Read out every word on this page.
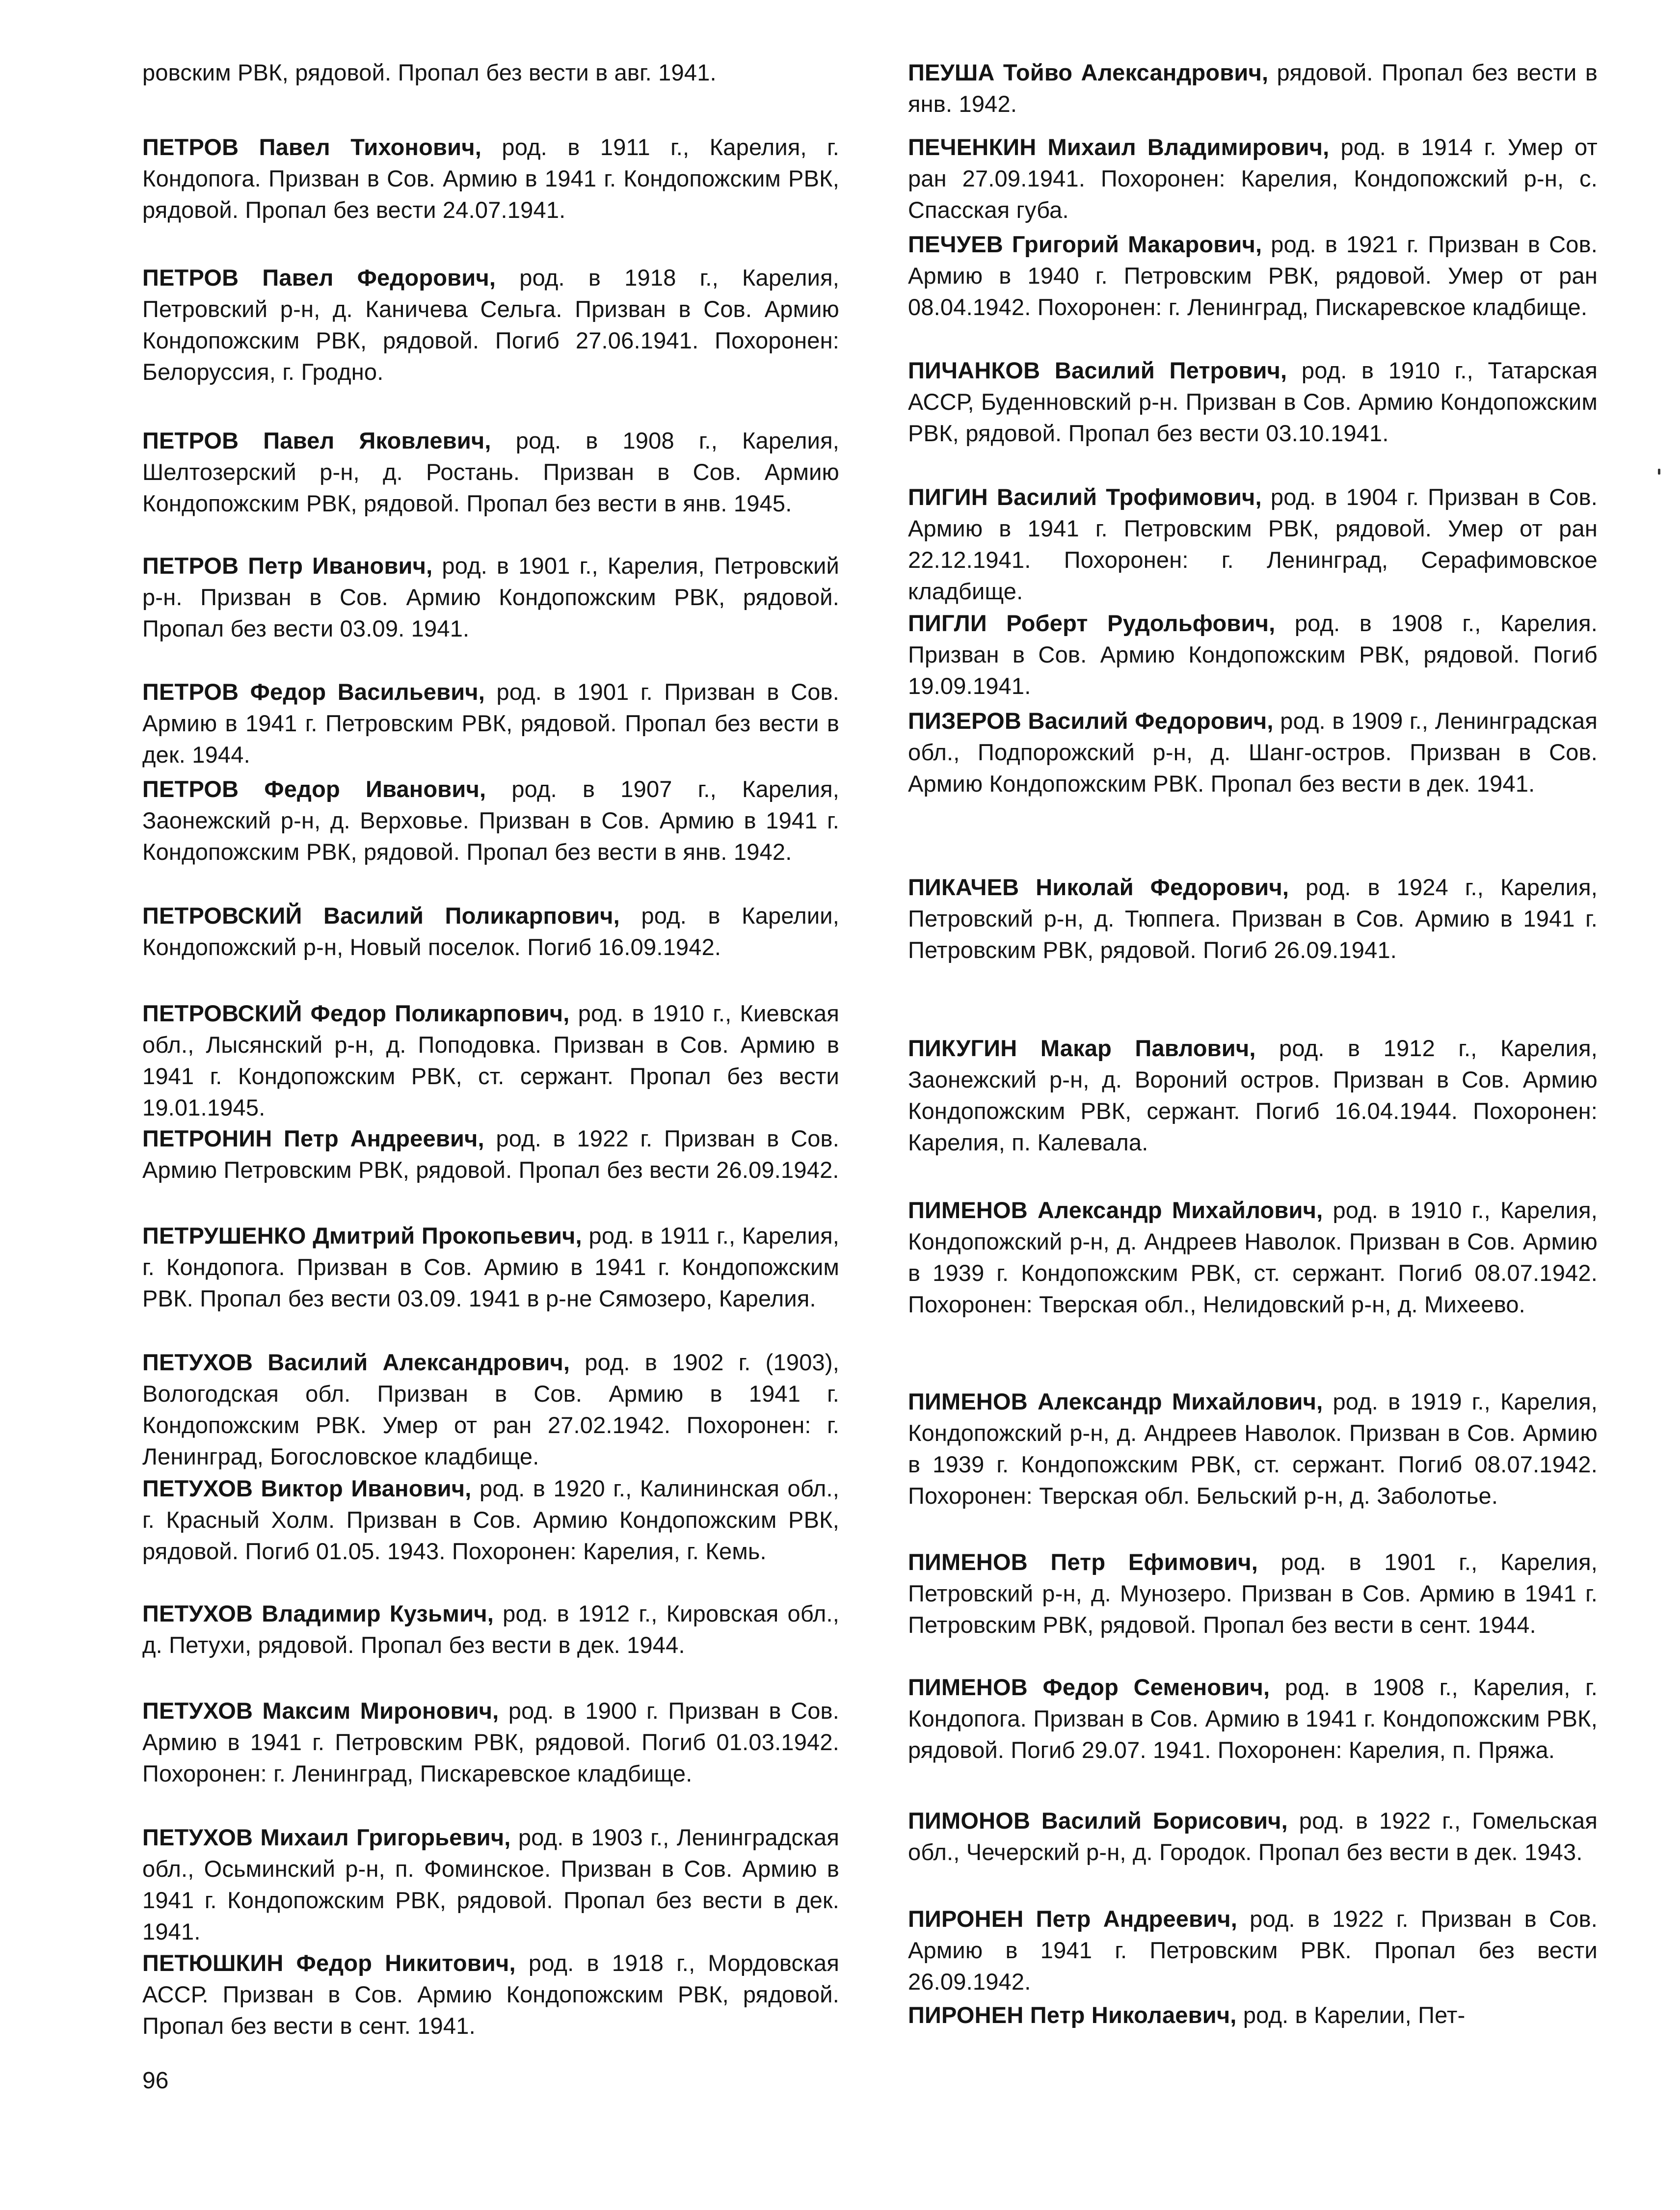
ровским РВК, рядовой. Пропал без вести в авг. 1941.

ПЕТРОВ Павел Тихонович, род. в 1911 г., Карелия, г. Кондопога. Призван в Сов. Армию в 1941 г. Кондопожским РВК, рядовой. Пропал без вести 24.07.1941.

ПЕТРОВ Павел Федорович, род. в 1918 г., Карелия, Петровский р-н, д. Каничева Сельга. Призван в Сов. Армию Кондопожским РВК, рядовой. Погиб 27.06.1941. Похоронен: Белоруссия, г. Гродно.

ПЕТРОВ Павел Яковлевич, род. в 1908 г., Карелия, Шелтозерский р-н, д. Ростань. Призван в Сов. Армию Кондопожским РВК, рядовой. Пропал без вести в янв. 1945.

ПЕТРОВ Петр Иванович, род. в 1901 г., Карелия, Петровский р-н. Призван в Сов. Армию Кондопожским РВК, рядовой. Пропал без вести 03.09. 1941.

ПЕТРОВ Федор Васильевич, род. в 1901 г. Призван в Сов. Армию в 1941 г. Петровским РВК, рядовой. Пропал без вести в дек. 1944.

ПЕТРОВ Федор Иванович, род. в 1907 г., Карелия, Заонежский р-н, д. Верховье. Призван в Сов. Армию в 1941 г. Кондопожским РВК, рядовой. Пропал без вести в янв. 1942.

ПЕТРОВСКИЙ Василий Поликарпович, род. в Карелии, Кондопожский р-н, Новый поселок. Погиб 16.09.1942.

ПЕТРОВСКИЙ Федор Поликарпович, род. в 1910 г., Киевская обл., Лысянский р-н, д. Поподовка. Призван в Сов. Армию в 1941 г. Кондопожским РВК, ст. сержант. Пропал без вести 19.01.1945.

ПЕТРОНИН Петр Андреевич, род. в 1922 г. Призван в Сов. Армию Петровским РВК, рядовой. Пропал без вести 26.09.1942.

ПЕТРУШЕНКО Дмитрий Прокопьевич, род. в 1911 г., Карелия, г. Кондопога. Призван в Сов. Армию в 1941 г. Кондопожским РВК. Пропал без вести 03.09. 1941 в р-не Сямозеро, Карелия.

ПЕТУХОВ Василий Александрович, род. в 1902 г. (1903), Вологодская обл. Призван в Сов. Армию в 1941 г. Кондопожским РВК. Умер от ран 27.02.1942. Похоронен: г. Ленинград, Богословское кладбище.

ПЕТУХОВ Виктор Иванович, род. в 1920 г., Калининская обл., г. Красный Холм. Призван в Сов. Армию Кондопожским РВК, рядовой. Погиб 01.05. 1943. Похоронен: Карелия, г. Кемь.

ПЕТУХОВ Владимир Кузьмич, род. в 1912 г., Кировская обл., д. Петухи, рядовой. Пропал без вести в дек. 1944.

ПЕТУХОВ Максим Миронович, род. в 1900 г. Призван в Сов. Армию в 1941 г. Петровским РВК, рядовой. Погиб 01.03.1942. Похоронен: г. Ленинград, Пискаревское кладбище.

ПЕТУХОВ Михаил Григорьевич, род. в 1903 г., Ленинградская обл., Осьминский р-н, п. Фоминское. Призван в Сов. Армию в 1941 г. Кондопожским РВК, рядовой. Пропал без вести в дек. 1941.

ПЕТЮШКИН Федор Никитович, род. в 1918 г., Мордовская АССР. Призван в Сов. Армию Кондопожским РВК, рядовой. Пропал без вести в сент. 1941.

ПЕУША Тойво Александрович, рядовой. Пропал без вести в янв. 1942.

ПЕЧЕНКИН Михаил Владимирович, род. в 1914 г. Умер от ран 27.09.1941. Похоронен: Карелия, Кондопожский р-н, с. Спасская губа.

ПЕЧУЕВ Григорий Макарович, род. в 1921 г. Призван в Сов. Армию в 1940 г. Петровским РВК, рядовой. Умер от ран 08.04.1942. Похоронен: г. Ленинград, Пискаревское кладбище.

ПИЧАНКОВ Василий Петрович, род. в 1910 г., Татарская АССР, Буденновский р-н. Призван в Сов. Армию Кондопожским РВК, рядовой. Пропал без вести 03.10.1941.

ПИГИН Василий Трофимович, род. в 1904 г. Призван в Сов. Армию в 1941 г. Петровским РВК, рядовой. Умер от ран 22.12.1941. Похоронен: г. Ленинград, Серафимовское кладбище.

ПИГЛИ Роберт Рудольфович, род. в 1908 г., Карелия. Призван в Сов. Армию Кондопожским РВК, рядовой. Погиб 19.09.1941.

ПИЗЕРОВ Василий Федорович, род. в 1909 г., Ленинградская обл., Подпорожский р-н, д. Шанг-остров. Призван в Сов. Армию Кондопожским РВК. Пропал без вести в дек. 1941.

ПИКАЧЕВ Николай Федорович, род. в 1924 г., Карелия, Петровский р-н, д. Тюппега. Призван в Сов. Армию в 1941 г. Петровским РВК, рядовой. Погиб 26.09.1941.

ПИКУГИН Макар Павлович, род. в 1912 г., Карелия, Заонежский р-н, д. Вороний остров. Призван в Сов. Армию Кондопожским РВК, сержант. Погиб 16.04.1944. Похоронен: Карелия, п. Калевала.

ПИМЕНОВ Александр Михайлович, род. в 1910 г., Карелия, Кондопожский р-н, д. Андреев Наволок. Призван в Сов. Армию в 1939 г. Кондопожским РВК, ст. сержант. Погиб 08.07.1942. Похоронен: Тверская обл., Нелидовский р-н, д. Михеево.

ПИМЕНОВ Александр Михайлович, род. в 1919 г., Карелия, Кондопожский р-н, д. Андреев Наволок. Призван в Сов. Армию в 1939 г. Кондопожским РВК, ст. сержант. Погиб 08.07.1942. Похоронен: Тверская обл. Бельский р-н, д. Заболотье.

ПИМЕНОВ Петр Ефимович, род. в 1901 г., Карелия, Петровский р-н, д. Мунозеро. Призван в Сов. Армию в 1941 г. Петровским РВК, рядовой. Пропал без вести в сент. 1944.

ПИМЕНОВ Федор Семенович, род. в 1908 г., Карелия, г. Кондопога. Призван в Сов. Армию в 1941 г. Кондопожским РВК, рядовой. Погиб 29.07. 1941. Похоронен: Карелия, п. Пряжа.

ПИМОНОВ Василий Борисович, род. в 1922 г., Гомельская обл., Чечерский р-н, д. Городок. Пропал без вести в дек. 1943.

ПИРОНЕН Петр Андреевич, род. в 1922 г. Призван в Сов. Армию в 1941 г. Петровским РВК. Пропал без вести 26.09.1942.

ПИРОНЕН Петр Николаевич, род. в Карелии, Пет-

96
